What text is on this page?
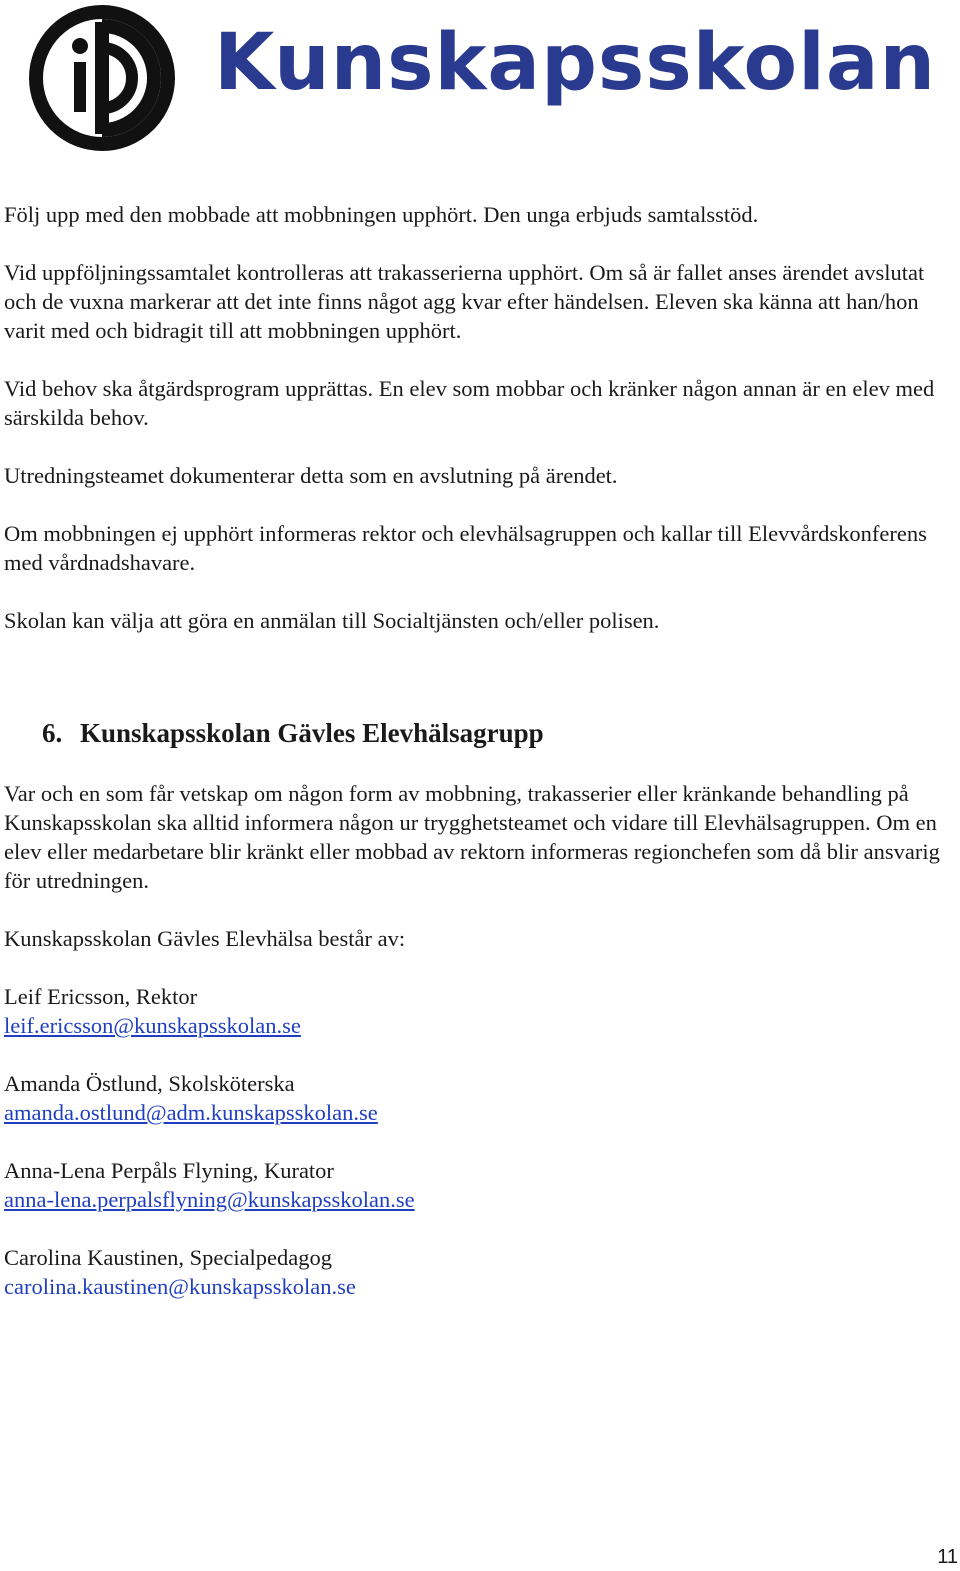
Kunskapsskolan

Följ upp med den mobbade att mobbningen upphört. Den unga erbjuds samtalsstöd.

Vid uppföljningssamtalet kontrolleras att trakasserierna upphört. Om så är fallet anses ärendet avslutat och de vuxna markerar att det inte finns något agg kvar efter händelsen. Eleven ska känna att han/hon varit med och bidragit till att mobbningen upphört.

Vid behov ska åtgärdsprogram upprättas. En elev som mobbar och kränker någon annan är en elev med särskilda behov.

Utredningsteamet dokumenterar detta som en avslutning på ärendet.

Om mobbningen ej upphört informeras rektor och elevhälsagruppen och kallar till Elevvårdskonferens med vårdnadshavare.

Skolan kan välja att göra en anmälan till Socialtjänsten och/eller polisen.

6. Kunskapsskolan Gävles Elevhälsagrupp

Var och en som får vetskap om någon form av mobbning, trakasserier eller kränkande behandling på Kunskapsskolan ska alltid informera någon ur trygghetsteamet och vidare till Elevhälsagruppen. Om en elev eller medarbetare blir kränkt eller mobbad av rektorn informeras regionchefen som då blir ansvarig för utredningen.

Kunskapsskolan Gävles Elevhälsa består av:

Leif Ericsson, Rektor
leif.ericsson@kunskapsskolan.se
Amanda Östlund, Skolsköterska
amanda.ostlund@adm.kunskapsskolan.se
Anna-Lena Perpåls Flyning, Kurator
anna-lena.perpalsflyning@kunskapsskolan.se
Carolina Kaustinen, Specialpedagog
carolina.kaustinen@kunskapsskolan.se
11
